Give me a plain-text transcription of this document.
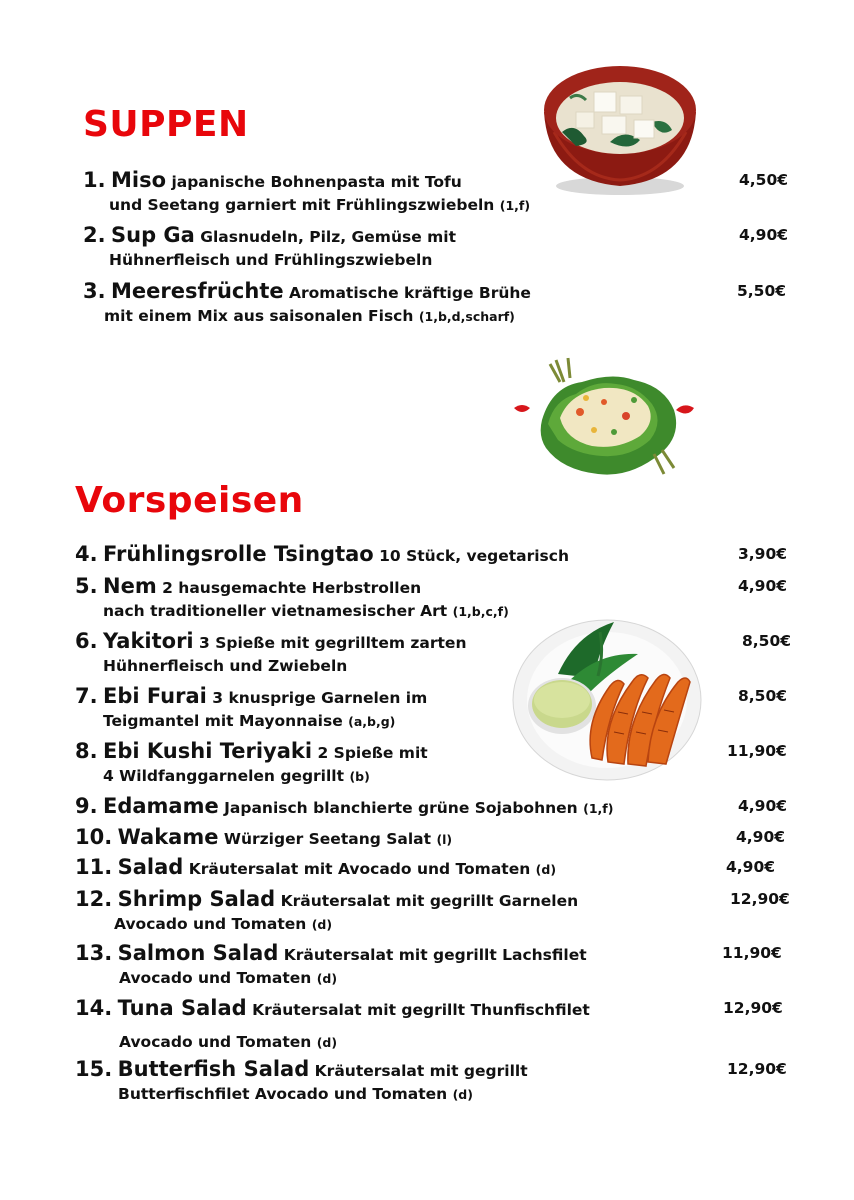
SUPPEN
Vorspeisen
1. Miso japanische Bohnenpasta mit Tofu
und Seetang garniert mit Frühlingszwiebeln (1,f)
4,50€
2. Sup Ga Glasnudeln, Pilz, Gemüse mit
Hühnerfleisch und Frühlingszwiebeln
4,90€
3. Meeresfrüchte Aromatische kräftige Brühe
mit einem Mix aus saisonalen Fisch (1,b,d,scharf)
5,50€
4. Frühlingsrolle Tsingtao 10 Stück, vegetarisch	3,90€
5. Nem 2 hausgemachte Herbstrollen
nach traditioneller vietnamesischer Art (1,b,c,f)
4,90€
6. Yakitori 3 Spieße mit gegrilltem zarten
Hühnerfleisch und Zwiebeln
8,50€
7. Ebi Furai 3 knusprige Garnelen im
Teigmantel mit Mayonnaise (a,b,g)
8,50€
8. Ebi Kushi Teriyaki 2 Spieße mit
4 Wildfanggarnelen gegrillt (b)
11,90€
9. Edamame Japanisch blanchierte grüne Sojabohnen (1,f)	4,90€
10. Wakame Würziger Seetang Salat (l)	4,90€
11. Salad Kräutersalat mit Avocado und Tomaten (d)	4,90€
12. Shrimp Salad Kräutersalat mit gegrillt Garnelen
Avocado und Tomaten (d)
12,90€
13. Salmon Salad Kräutersalat mit gegrillt Lachsfilet
Avocado und Tomaten (d)
11,90€
14. Tuna Salad Kräutersalat mit gegrillt Thunfischfilet
Avocado und Tomaten (d)
12,90€
15. Butterfish Salad Kräutersalat mit gegrillt
Butterfischfilet Avocado und Tomaten (d)
12,90€
